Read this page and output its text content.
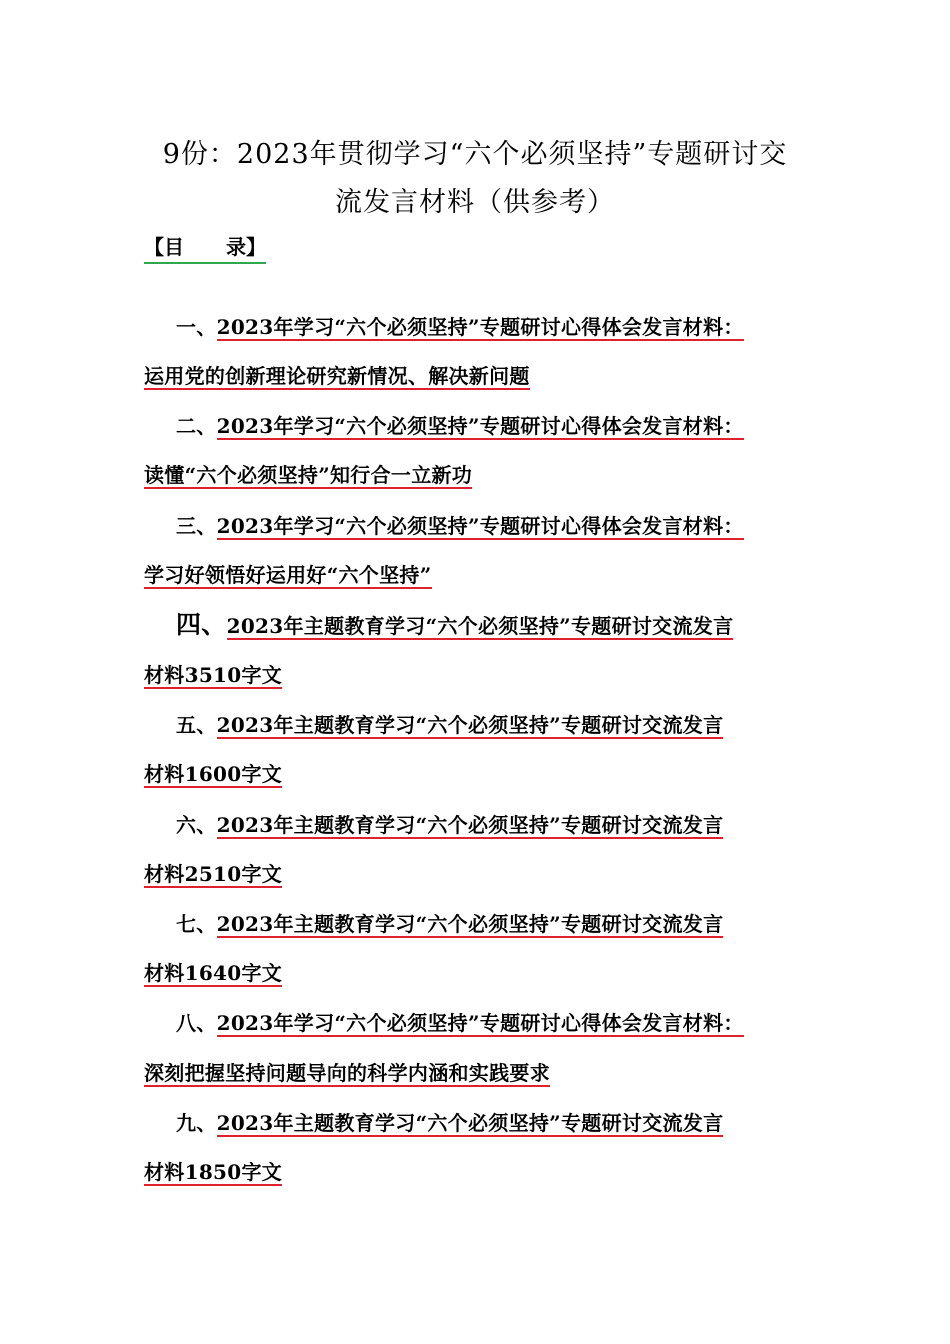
9份：2023年贯彻学习“六个必须坚持”专题研讨交
流发言材料（供参考）
【目 录】
一、2023年学习“六个必须坚持”专题研讨心得体会发言材料：
运用党的创新理论研究新情况、解决新问题
二、2023年学习“六个必须坚持”专题研讨心得体会发言材料：
读懂“六个必须坚持”知行合一立新功
三、2023年学习“六个必须坚持”专题研讨心得体会发言材料：
学习好领悟好运用好“六个坚持”
四、2023年主题教育学习“六个必须坚持”专题研讨交流发言
材料3510字文
五、2023年主题教育学习“六个必须坚持”专题研讨交流发言
材料1600字文
六、2023年主题教育学习“六个必须坚持”专题研讨交流发言
材料2510字文
七、2023年主题教育学习“六个必须坚持”专题研讨交流发言
材料1640字文
八、2023年学习“六个必须坚持”专题研讨心得体会发言材料：
深刻把握坚持问题导向的科学内涵和实践要求
九、2023年主题教育学习“六个必须坚持”专题研讨交流发言
材料1850字文
